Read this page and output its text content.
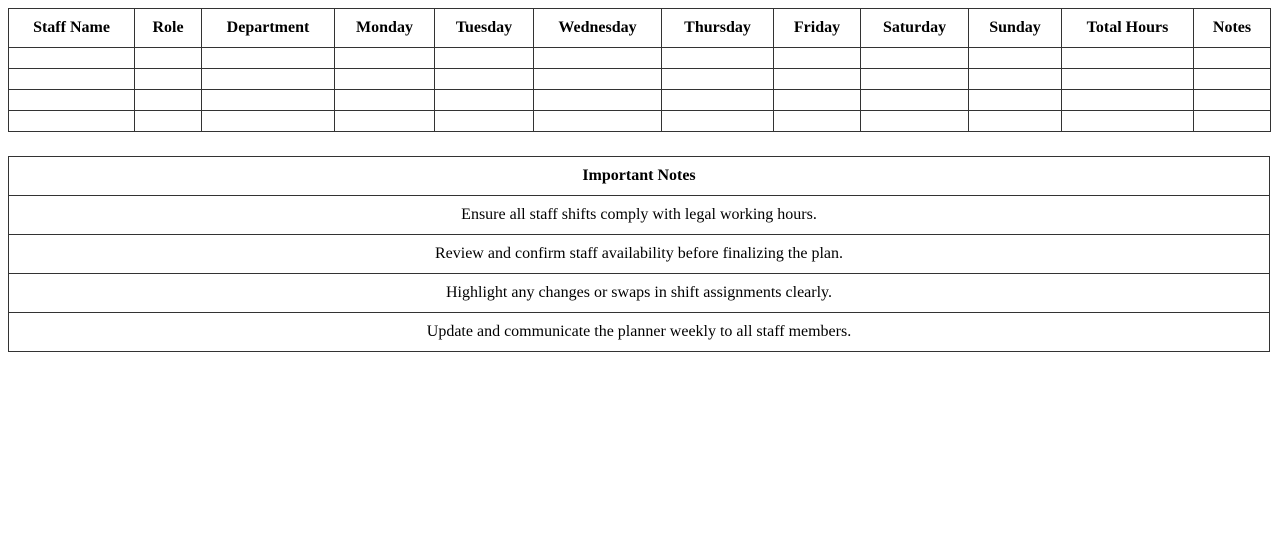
Staff Name	Role	Department	Monday	Tuesday	Wednesday	Thursday	Friday	Saturday	Sunday	Total Hours	Notes

Important Notes
Ensure all staff shifts comply with legal working hours.
Review and confirm staff availability before finalizing the plan.
Highlight any changes or swaps in shift assignments clearly.
Update and communicate the planner weekly to all staff members.
